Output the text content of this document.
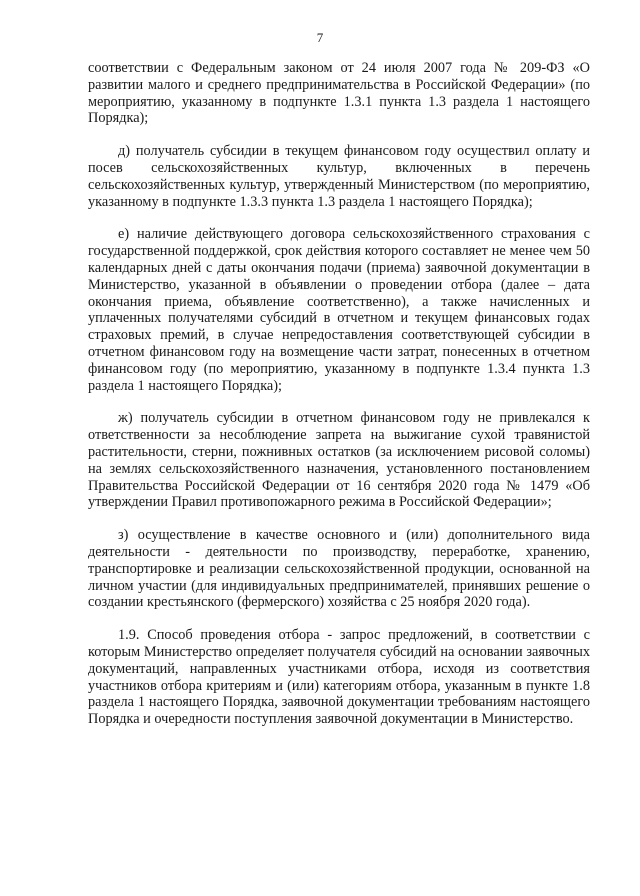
7

соответствии с Федеральным законом от 24 июля 2007 года № 209-ФЗ «О развитии малого и среднего предпринимательства в Российской Федерации» (по мероприятию, указанному в подпункте 1.3.1 пункта 1.3 раздела 1 настоящего Порядка);

д) получатель субсидии в текущем финансовом году осуществил оплату и посев сельскохозяйственных культур, включенных в перечень сельскохозяйственных культур, утвержденный Министерством (по мероприятию, указанному в подпункте 1.3.3 пункта 1.3 раздела 1 настоящего Порядка);

е) наличие действующего договора сельскохозяйственного страхования с государственной поддержкой, срок действия которого составляет не менее чем 50 календарных дней с даты окончания подачи (приема) заявочной документации в Министерство, указанной в объявлении о проведении отбора (далее – дата окончания приема, объявление соответственно), а также начисленных и уплаченных получателями субсидий в отчетном и текущем финансовых годах страховых премий, в случае непредоставления соответствующей субсидии в отчетном финансовом году на возмещение части затрат, понесенных в отчетном финансовом году (по мероприятию, указанному в подпункте 1.3.4 пункта 1.3 раздела 1 настоящего Порядка);

ж) получатель субсидии в отчетном финансовом году не привлекался к ответственности за несоблюдение запрета на выжигание сухой травянистой растительности, стерни, пожнивных остатков (за исключением рисовой соломы) на землях сельскохозяйственного назначения, установленного постановлением Правительства Российской Федерации от 16 сентября 2020 года № 1479 «Об утверждении Правил противопожарного режима в Российской Федерации»;

з) осуществление в качестве основного и (или) дополнительного вида деятельности - деятельности по производству, переработке, хранению, транспортировке и реализации сельскохозяйственной продукции, основанной на личном участии (для индивидуальных предпринимателей, принявших решение о создании крестьянского (фермерского) хозяйства с 25 ноября 2020 года).

1.9. Способ проведения отбора - запрос предложений, в соответствии с которым Министерство определяет получателя субсидий на основании заявочных документаций, направленных участниками отбора, исходя из соответствия участников отбора критериям и (или) категориям отбора, указанным в пункте 1.8 раздела 1 настоящего Порядка, заявочной документации требованиям настоящего Порядка и очередности поступления заявочной документации в Министерство.
